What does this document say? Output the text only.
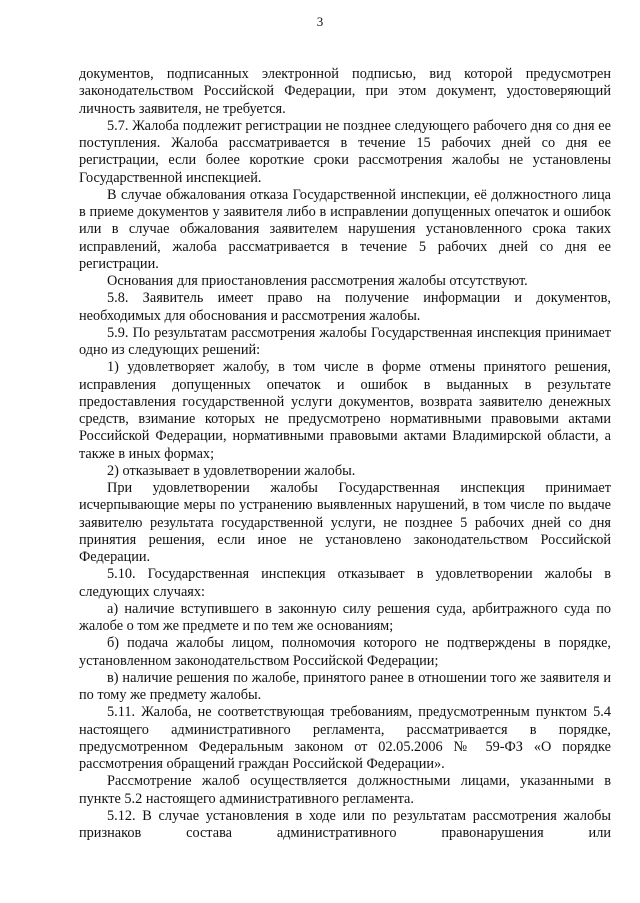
3

документов, подписанных электронной подписью, вид которой предусмотрен законодательством Российской Федерации, при этом документ, удостоверяющий личность заявителя, не требуется.

5.7. Жалоба подлежит регистрации не позднее следующего рабочего дня со дня ее поступления. Жалоба рассматривается в течение 15 рабочих дней со дня ее регистрации, если более короткие сроки рассмотрения жалобы не установлены Государственной инспекцией.

В случае обжалования отказа Государственной инспекции, её должностного лица в приеме документов у заявителя либо в исправлении допущенных опечаток и ошибок или в случае обжалования заявителем нарушения установленного срока таких исправлений, жалоба рассматривается в течение 5 рабочих дней со дня ее регистрации.

Основания для приостановления рассмотрения жалобы отсутствуют.

5.8. Заявитель имеет право на получение информации и документов, необходимых для обоснования и рассмотрения жалобы.

5.9. По результатам рассмотрения жалобы Государственная инспекция принимает одно из следующих решений:

1) удовлетворяет жалобу, в том числе в форме отмены принятого решения, исправления допущенных опечаток и ошибок в выданных в результате предоставления государственной услуги документов, возврата заявителю денежных средств, взимание которых не предусмотрено нормативными правовыми актами Российской Федерации, нормативными правовыми актами Владимирской области, а также в иных формах;

2) отказывает в удовлетворении жалобы.

При удовлетворении жалобы Государственная инспекция принимает исчерпывающие меры по устранению выявленных нарушений, в том числе по выдаче заявителю результата государственной услуги, не позднее 5 рабочих дней со дня принятия решения, если иное не установлено законодательством Российской Федерации.

5.10. Государственная инспекция отказывает в удовлетворении жалобы в следующих случаях:

а) наличие вступившего в законную силу решения суда, арбитражного суда по жалобе о том же предмете и по тем же основаниям;

б) подача жалобы лицом, полномочия которого не подтверждены в порядке, установленном законодательством Российской Федерации;

в) наличие решения по жалобе, принятого ранее в отношении того же заявителя и по тому же предмету жалобы.

5.11. Жалоба, не соответствующая требованиям, предусмотренным пунктом 5.4 настоящего административного регламента, рассматривается в порядке, предусмотренном Федеральным законом от 02.05.2006 № 59-ФЗ «О порядке рассмотрения обращений граждан Российской Федерации».

Рассмотрение жалоб осуществляется должностными лицами, указанными в пункте 5.2 настоящего административного регламента.

5.12. В случае установления в ходе или по результатам рассмотрения жалобы признаков состава административного правонарушения или
